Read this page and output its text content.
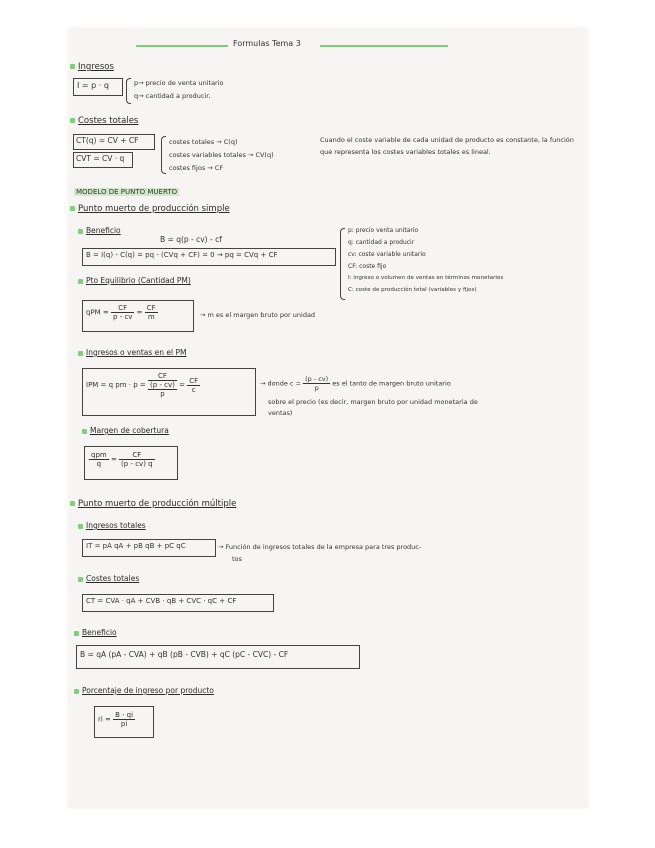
Formulas Tema 3
Ingresos
I = p · q	p→ precio de venta unitario
q→ cantidad a producir.
Costes totales
CT(q) = CV + CF
CVT = CV · q
costes totales → C(q)
costes variables totales → CV(q)
costes fijos → CF
Cuando el coste variable de cada unidad de producto es constante, la función que representa los costes variables totales es lineal.
MODELO DE PUNTO MUERTO
Punto muerto de producción simple
Beneficio
B = q(p - cv) - cf
B = I(q) - C(q) = pq - (CVq + CF) = 0 → pq = CVq + CF
p: precio venta unitario
q: cantidad a producir
cv: coste variable unitario
CF: coste fijo
I: ingreso o volumen de ventas en términos monetarios
C: coste de producción total (variables y fijos)
Pto Equilibrio (Cantidad PM)
qPM = $\frac{CF}{p - cv} = \frac{CF}{m}$	→ m es el margen bruto por unidad
Ingresos o ventas en el PM
IPM = q pm · p =
CF
(p - cv)
p
= $\frac{CF}{c}$	→ donde $c = \frac{(p - cv)}{p}$ es el tanto de margen bruto unitario
sobre el precio (es decir, margen bruto por unidad monetaria de
ventas)
Margen de cobertura
$\frac{\text{qpm}}{q} = \frac{CF}{(p - cv) q}$
Punto muerto de producción múltiple
Ingresos totales
IT = pA qA + pB qB + pC qC	→ Función de ingresos totales de la empresa para tres produc-
tos
Costes totales
CT = CVA · qA + CVB · qB + CVC · qC + CF
Beneficio
B = qA (pA - CVA) + qB (pB - CVB) + qC (pC - CVC) - CF
Porcentaje de ingreso por producto
ri = $\frac{B \cdot qi}{pi}$
